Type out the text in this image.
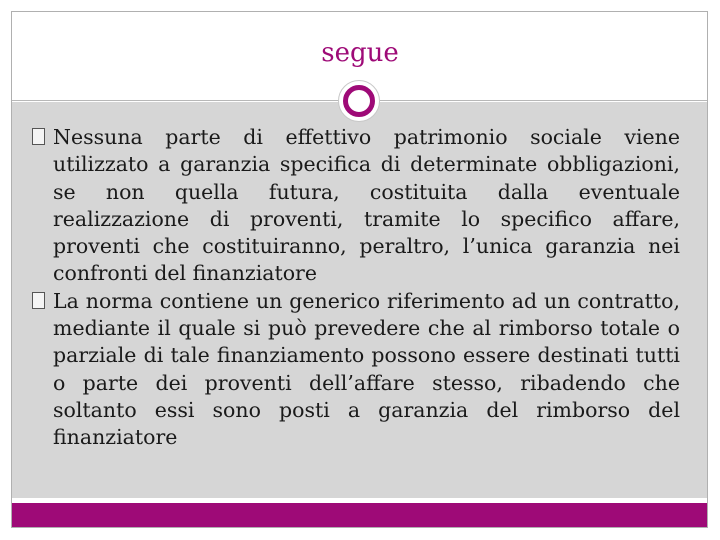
segue
Nessuna parte di effettivo patrimonio sociale viene utilizzato a garanzia specifica di determinate obbligazioni, se non quella futura, costituita dalla eventuale realizzazione di proventi, tramite lo specifico affare, proventi che costituiranno, peraltro, l’unica garanzia nei confronti del finanziatore
La norma contiene un generico riferimento ad un contratto, mediante il quale si può prevedere che al rimborso totale o parziale di tale finanziamento possono essere destinati tutti o parte dei proventi dell’affare stesso, ribadendo che soltanto essi sono posti a garanzia del rimborso del finanziatore
